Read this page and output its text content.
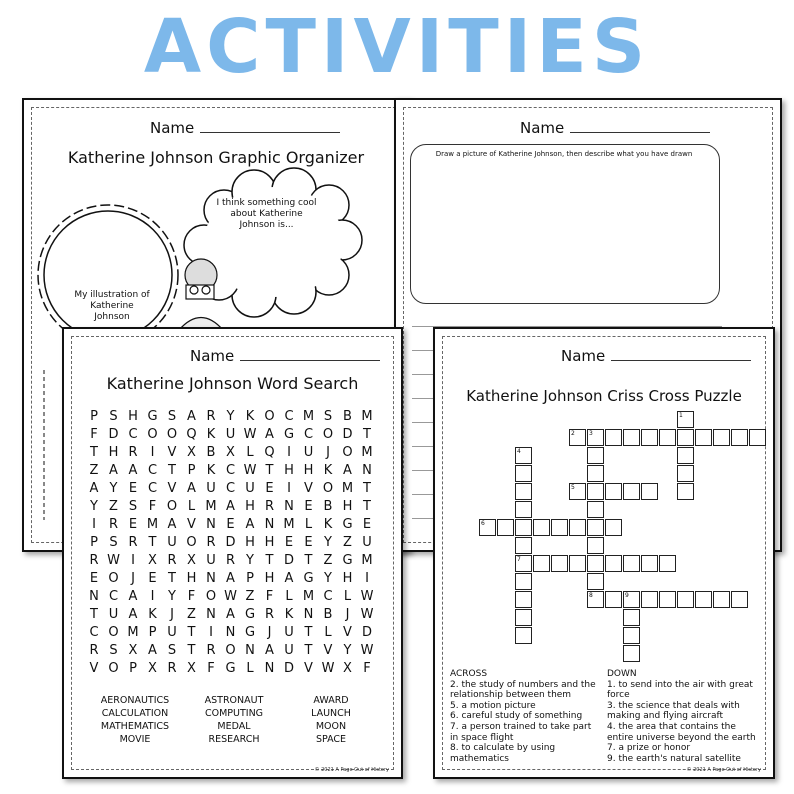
ACTIVITIES
Name
Katherine Johnson Graphic Organizer
I think something cool about Katherine Johnson is...
My illustration of Katherine Johnson
Name
Draw a picture of Katherine Johnson, then describe what you have drawn
Name
Katherine Johnson Word Search
P S H G S A R Y K O C M S B M
F D C O O Q K U W A G C O D T
T H R	I	V X B X L Q I U J O M
Z A A C T P K C W T H H K A N
A Y E C V A U C U E	I	V O M T
Y Z S F O L M A H R N E B H T
I	R E M A V N E A N M L K G E
P S R T U O R D H H E E Y Z U
R W I	X R X U R Y T D T Z G M
E O J	E T H N A P H A G Y H I
N C A	I	Y F O W Z F L M C L W
T U A K	J	Z N A G R K N B	J W
C O M P U T	I N G J U T L V D
R S X A S T R O N A U T V Y W
V O P X R X F G L N D V W X F
AERONAUTICS
CALCULATION
MATHEMATICS
MOVIE
ASTRONAUT
COMPUTING
MEDAL
RESEARCH
AWARD
LAUNCH
MOON
SPACE
© 2021 A Page Out of History
Name
Katherine Johnson Criss Cross Puzzle
2 3
1
8
4
5
6
7
9
ACROSS
2. the study of numbers and the relationship between them
5. a motion picture
6. careful study of something
7. a person trained to take part in space flight
8. to calculate by using mathematics
DOWN
1. to send into the air with great force
3. the science that deals with making and flying aircraft
4. the area that contains the entire universe beyond the earth
7. a prize or honor
9. the earth's natural satellite
© 2021 A Page Out of History
